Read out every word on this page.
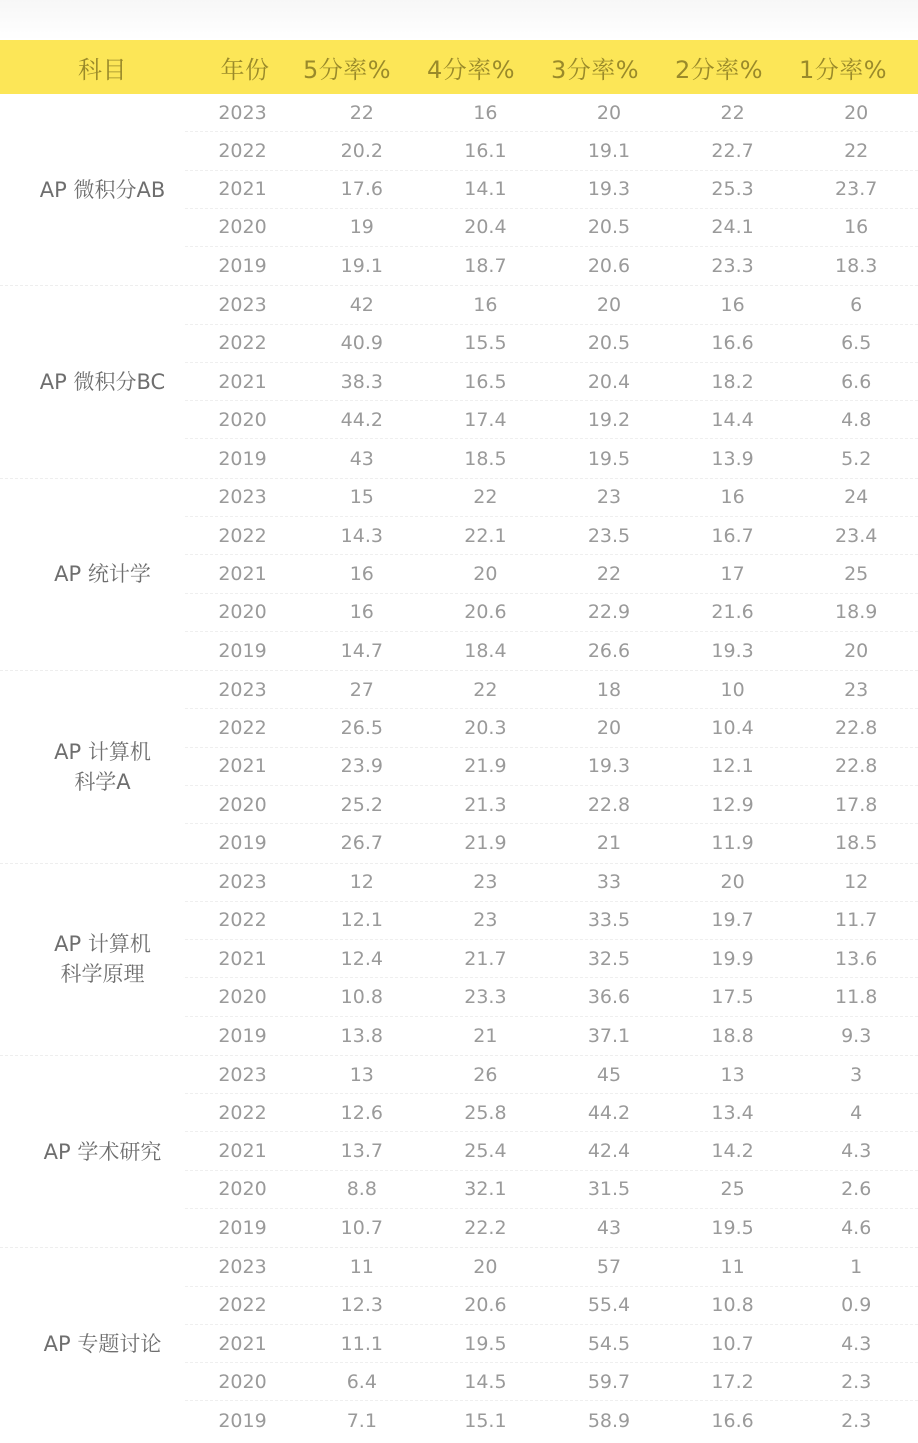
科目	年份	5分率%	4分率%	3分率%	2分率%	1分率%
AP 微积分AB
2023	22	16	20	22	20
2022	20.2	16.1	19.1	22.7	22
2021	17.6	14.1	19.3	25.3	23.7
2020	19	20.4	20.5	24.1	16
2019	19.1	18.7	20.6	23.3	18.3
AP 微积分BC
2023	42	16	20	16	6
2022	40.9	15.5	20.5	16.6	6.5
2021	38.3	16.5	20.4	18.2	6.6
2020	44.2	17.4	19.2	14.4	4.8
2019	43	18.5	19.5	13.9	5.2
AP 统计学
2023	15	22	23	16	24
2022	14.3	22.1	23.5	16.7	23.4
2021	16	20	22	17	25
2020	16	20.6	22.9	21.6	18.9
2019	14.7	18.4	26.6	19.3	20
AP 计算机
科学A
2023	27	22	18	10	23
2022	26.5	20.3	20	10.4	22.8
2021	23.9	21.9	19.3	12.1	22.8
2020	25.2	21.3	22.8	12.9	17.8
2019	26.7	21.9	21	11.9	18.5
AP 计算机
科学原理
2023	12	23	33	20	12
2022	12.1	23	33.5	19.7	11.7
2021	12.4	21.7	32.5	19.9	13.6
2020	10.8	23.3	36.6	17.5	11.8
2019	13.8	21	37.1	18.8	9.3
AP 学术研究
2023	13	26	45	13	3
2022	12.6	25.8	44.2	13.4	4
2021	13.7	25.4	42.4	14.2	4.3
2020	8.8	32.1	31.5	25	2.6
2019	10.7	22.2	43	19.5	4.6
AP 专题讨论
2023	11	20	57	11	1
2022	12.3	20.6	55.4	10.8	0.9
2021	11.1	19.5	54.5	10.7	4.3
2020	6.4	14.5	59.7	17.2	2.3
2019	7.1	15.1	58.9	16.6	2.3
